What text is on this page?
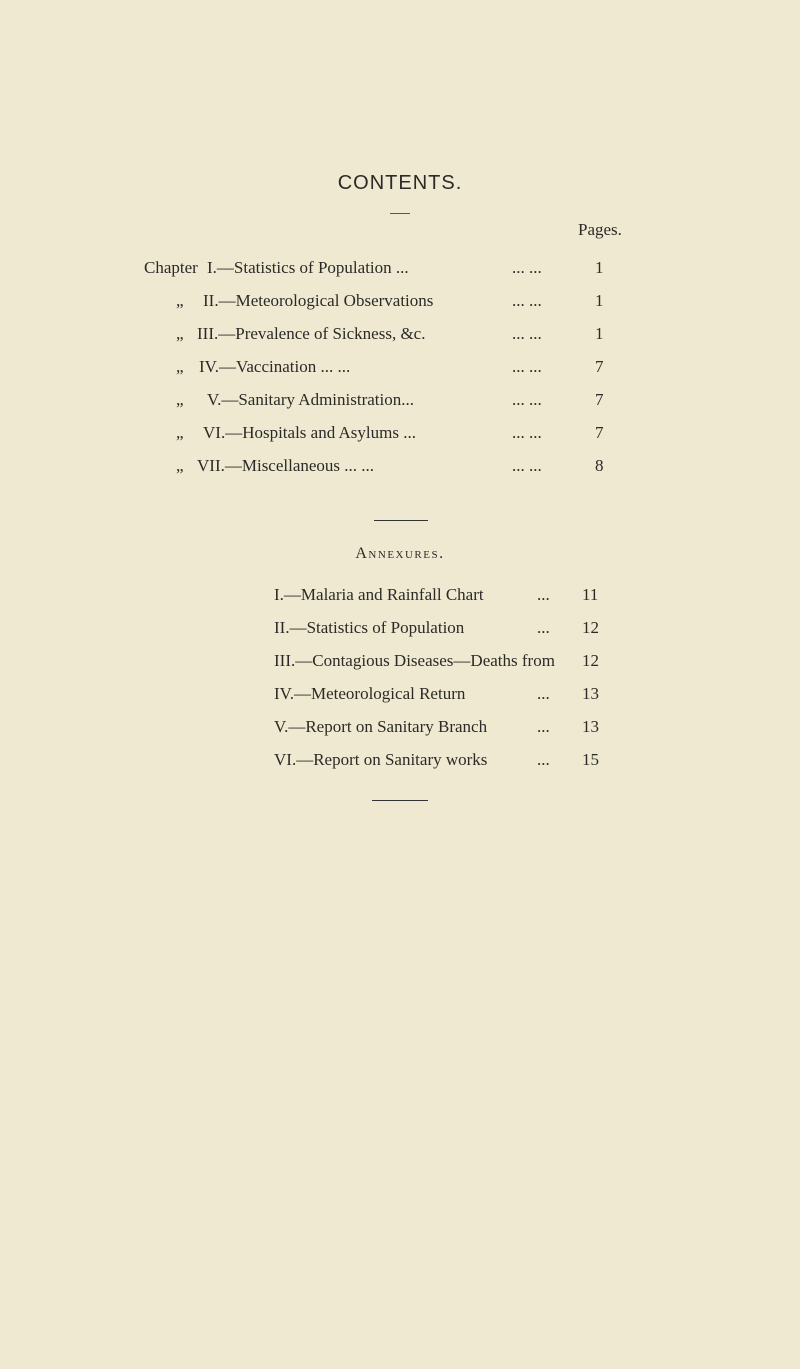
CONTENTS.
Pages.
Chapter I.—Statistics of Population ...	... ...	1
„ II.—Meteorological Observations	... ...	1
„ III.—Prevalence of Sickness, &c.	... ...	1
„ IV.—Vaccination ... ...	... ...	7
„ V.—Sanitary Administration...	... ...	7
„ VI.—Hospitals and Asylums ...	... ...	7
„ VII.—Miscellaneous ... ...	... ...	8
Annexures.
I.—Malaria and Rainfall Chart	... 11
II.—Statistics of Population	... 12
III.—Contagious Diseases—Deaths from 12
IV.—Meteorological Return	... 13
V.—Report on Sanitary Branch	... 13
VI.—Report on Sanitary works	... 15
